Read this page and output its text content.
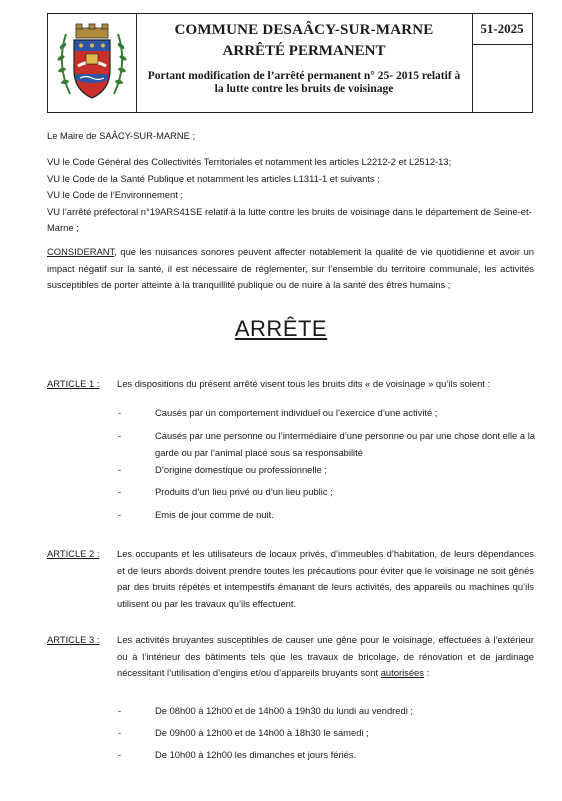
COMMUNE DESAÂCY-SUR-MARNE
ARRÊTÉ PERMANENT
Portant modification de l’arrêté permanent n° 25- 2015 relatif à la lutte contre les bruits de voisinage
51-2025
Le Maire de SAÂCY-SUR-MARNE ;
VU le Code Général des Collectivités Territoriales et notamment les articles L2212-2 et L2512-13;
VU le Code de la Santé Publique et notamment les articles L1311-1 et suivants ;
VU le Code de l’Environnement ;
VU l’arrêté préfectoral n°19ARS41SE relatif à la lutte contre les bruits de voisinage dans le département de Seine-et- Marne ;
CONSIDERANT, que les nuisances sonores peuvent affecter notablement la qualité de vie quotidienne et avoir un impact négatif sur la santé, il est nécessaire de réglementer, sur l’ensemble du territoire communale, les activités susceptibles de porter atteinte à la tranquillité publique ou de nuire à la santé des êtres humains ;
ARRÊTE
ARTICLE 1 : Les dispositions du présent arrêté visent tous les bruits dits « de voisinage » qu’ils soient :
-	Causés par un comportement individuel ou l’exercice d’une activité ;
-	Causés par une personne ou l’intermédiaire d’une personne ou par une chose dont elle a la garde ou par l’animal placé sous sa responsabilité
-	D’origine domestique ou professionnelle ;
-	Produits d’un lieu privé ou d’un lieu public ;
-	Emis de jour comme de nuit.
ARTICLE 2 : Les occupants et les utilisateurs de locaux privés, d’immeubles d’habitation, de leurs dépendances et de leurs abords doivent prendre toutes les précautions pour éviter que le voisinage ne soit gênés par des bruits répétés et intempestifs émanant de leurs activités, des appareils ou machines qu’ils utilisent ou par les travaux qu’ils effectuent.
ARTICLE 3 : Les activités bruyantes susceptibles de causer une gêne pour le voisinage, effectuées à l’extérieur ou à l’intérieur des bâtiments tels que les travaux de bricolage, de rénovation et de jardinage nécessitant l’utilisation d’engins et/ou d’appareils bruyants sont autorisées :
-	De 08h00 à 12h00 et de 14h00 à 19h30 du lundi au vendredi ;
-	De 09h00 à 12h00 et de 14h00 à 18h30 le samedi ;
-	De 10h00 à 12h00 les dimanches et jours fériés.
